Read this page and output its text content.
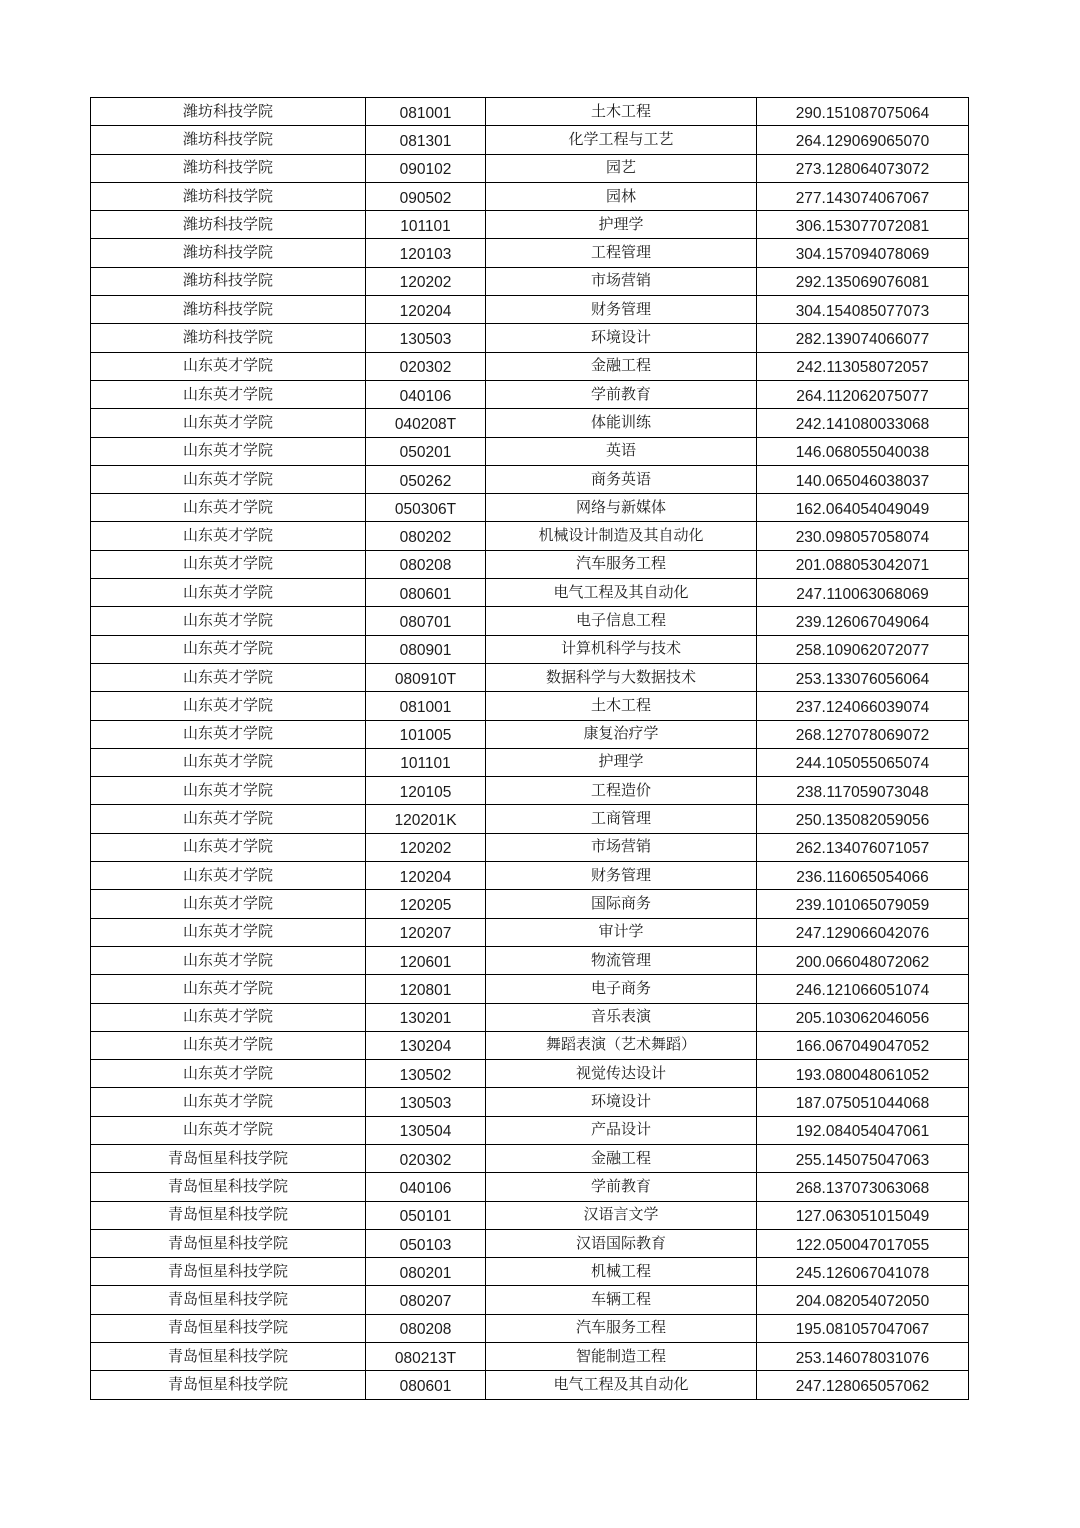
潍坊科技学院	081001	土木工程	290.151087075064
潍坊科技学院	081301	化学工程与工艺	264.129069065070
潍坊科技学院	090102	园艺	273.128064073072
潍坊科技学院	090502	园林	277.143074067067
潍坊科技学院	101101	护理学	306.153077072081
潍坊科技学院	120103	工程管理	304.157094078069
潍坊科技学院	120202	市场营销	292.135069076081
潍坊科技学院	120204	财务管理	304.154085077073
潍坊科技学院	130503	环境设计	282.139074066077
山东英才学院	020302	金融工程	242.113058072057
山东英才学院	040106	学前教育	264.112062075077
山东英才学院	040208T	体能训练	242.141080033068
山东英才学院	050201	英语	146.068055040038
山东英才学院	050262	商务英语	140.065046038037
山东英才学院	050306T	网络与新媒体	162.064054049049
山东英才学院	080202	机械设计制造及其自动化	230.098057058074
山东英才学院	080208	汽车服务工程	201.088053042071
山东英才学院	080601	电气工程及其自动化	247.110063068069
山东英才学院	080701	电子信息工程	239.126067049064
山东英才学院	080901	计算机科学与技术	258.109062072077
山东英才学院	080910T	数据科学与大数据技术	253.133076056064
山东英才学院	081001	土木工程	237.124066039074
山东英才学院	101005	康复治疗学	268.127078069072
山东英才学院	101101	护理学	244.105055065074
山东英才学院	120105	工程造价	238.117059073048
山东英才学院	120201K	工商管理	250.135082059056
山东英才学院	120202	市场营销	262.134076071057
山东英才学院	120204	财务管理	236.116065054066
山东英才学院	120205	国际商务	239.101065079059
山东英才学院	120207	审计学	247.129066042076
山东英才学院	120601	物流管理	200.066048072062
山东英才学院	120801	电子商务	246.121066051074
山东英才学院	130201	音乐表演	205.103062046056
山东英才学院	130204	舞蹈表演（艺术舞蹈）	166.067049047052
山东英才学院	130502	视觉传达设计	193.080048061052
山东英才学院	130503	环境设计	187.075051044068
山东英才学院	130504	产品设计	192.084054047061
青岛恒星科技学院	020302	金融工程	255.145075047063
青岛恒星科技学院	040106	学前教育	268.137073063068
青岛恒星科技学院	050101	汉语言文学	127.063051015049
青岛恒星科技学院	050103	汉语国际教育	122.050047017055
青岛恒星科技学院	080201	机械工程	245.126067041078
青岛恒星科技学院	080207	车辆工程	204.082054072050
青岛恒星科技学院	080208	汽车服务工程	195.081057047067
青岛恒星科技学院	080213T	智能制造工程	253.146078031076
青岛恒星科技学院	080601	电气工程及其自动化	247.128065057062
